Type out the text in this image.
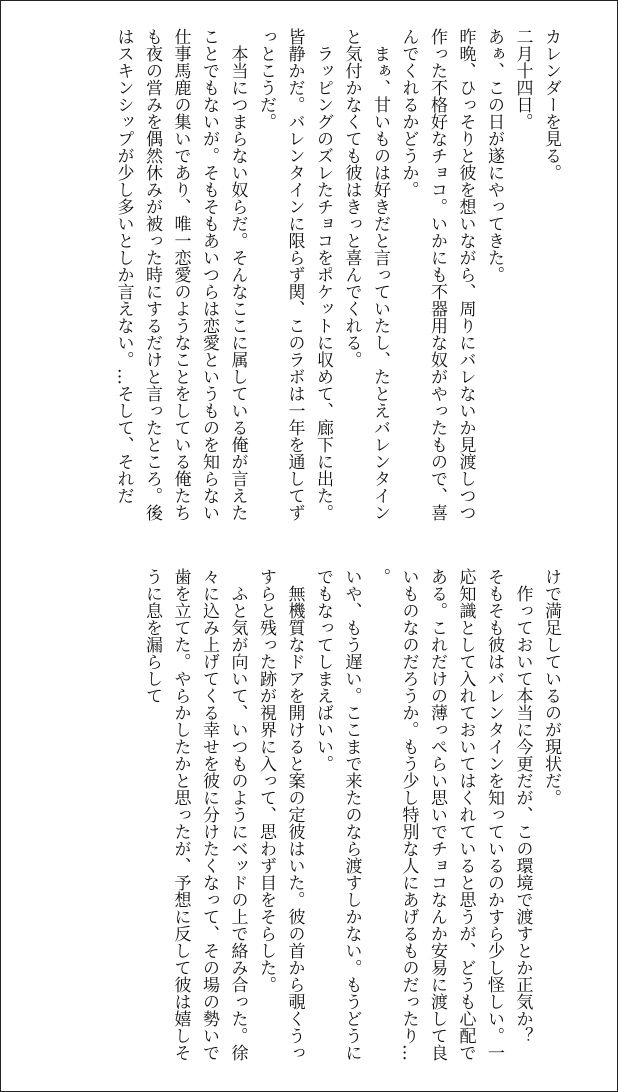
カレンダーを見る。

二月十四日。

あぁ、この日が遂にやってきた。

昨晩、ひっそりと彼を想いながら、周りにバレないか見渡しつつ作った不格好なチョコ。いかにも不器用な奴がやったもので、喜んでくれるかどうか。

まぁ、甘いものは好きだと言っていたし、たとえバレンタインと気付かなくても彼はきっと喜んでくれる。

ラッピングのズレたチョコをポケットに収めて、廊下に出た。皆静かだ。バレンタインに限らず関、このラボは一年を通してずっとこうだ。

本当につまらない奴らだ。そんなここに属している俺が言えたことでもないが。そもそもあいつらは恋愛というものを知らない仕事馬鹿の集いであり、唯一恋愛のようなことをしている俺たちも夜の営みを偶然休みが被った時にするだけと言ったところ。後はスキンシップが少し多いとしか言えない。…そして、それだ

けで満足しているのが現状だ。

作っておいて本当に今更だが、この環境で渡すとか正気か？　そもそも彼はバレンタインを知っているのかすら少し怪しい。一応知識として入れておいてはくれていると思うが、どうも心配である。これだけの薄っぺらい思いでチョコなんか安易に渡して良いものなのだろうか。もう少し特別な人にあげるものだったり…。

いや、もう遅い。ここまで来たのなら渡すしかない。もうどうにでもなってしまえばいい。

無機質なドアを開けると案の定彼はいた。彼の首から覗くうっすらと残った跡が視界に入って、思わず目をそらした。

ふと気が向いて、いつものようにベッドの上で絡み合った。徐々に込み上げてくる幸せを彼に分けたくなって、その場の勢いで歯を立てた。やらかしたかと思ったが、予想に反して彼は嬉しそうに息を漏らして
